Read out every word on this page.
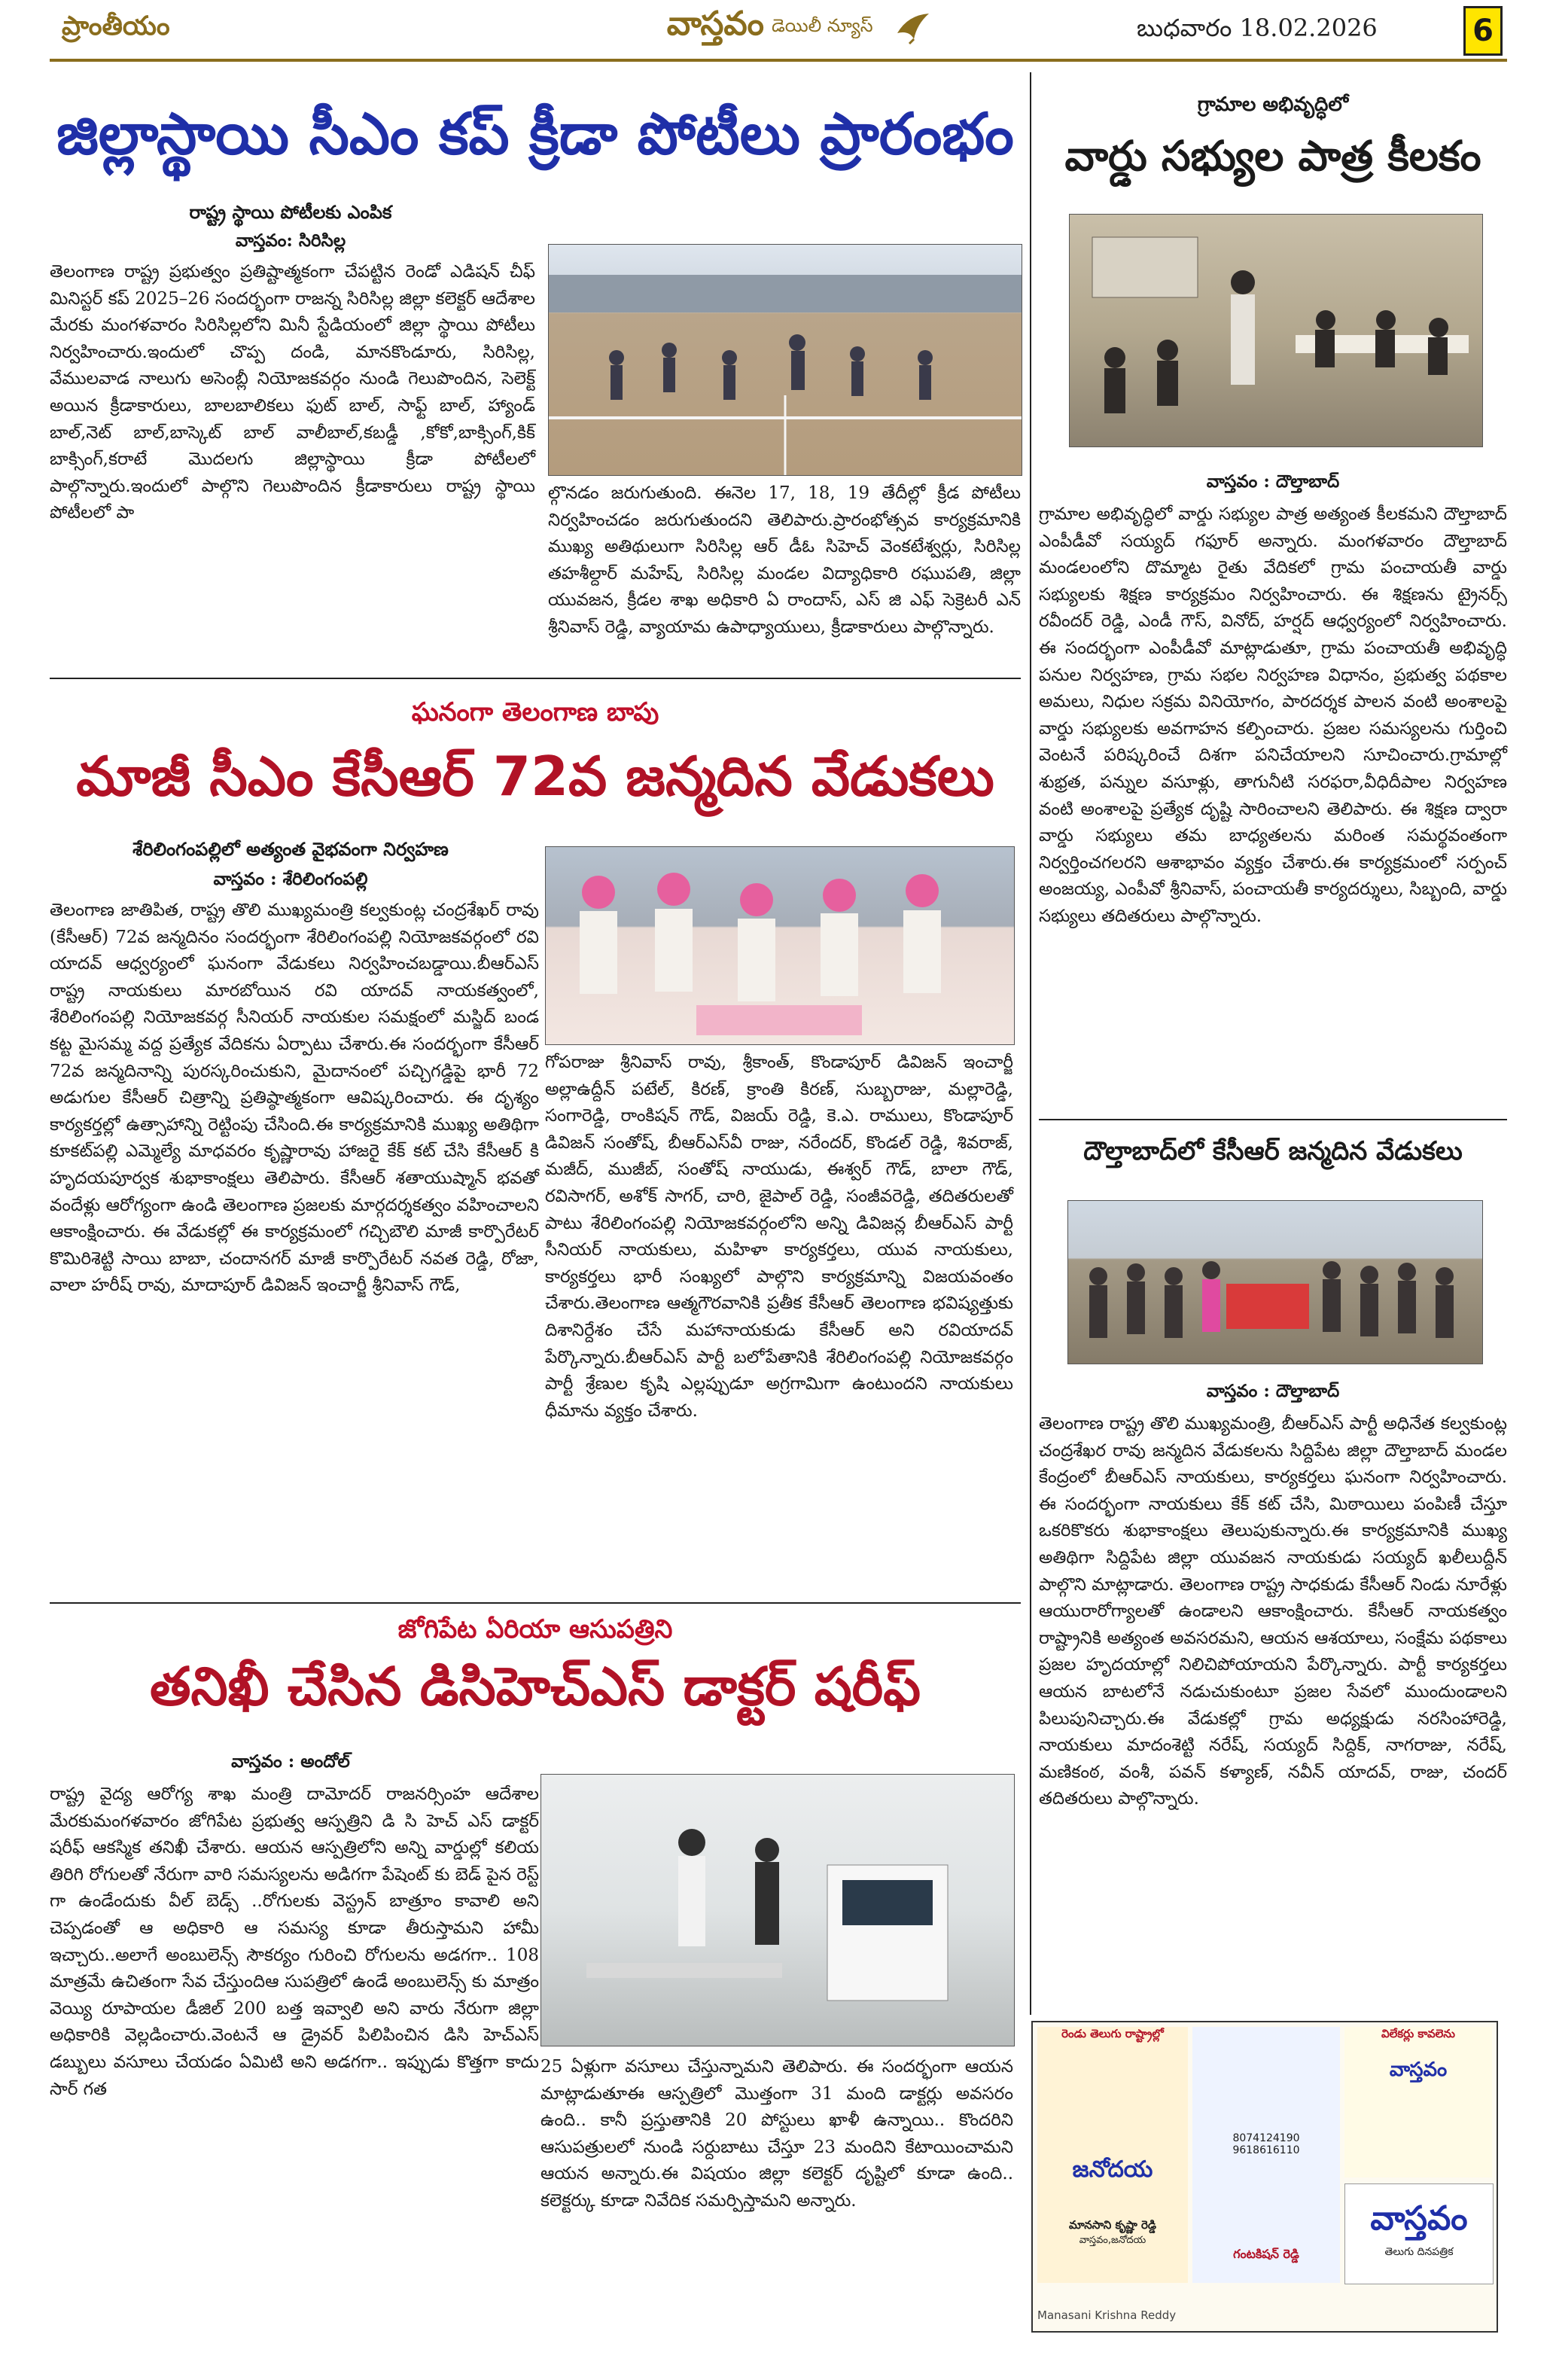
ప్రాంతీయం	వాస్తవం డెయిలీ న్యూస్	బుధవారం 18.02.2026	6
జిల్లాస్థాయి సీఎం కప్ క్రీడా పోటీలు ప్రారంభం
రాష్ట్ర స్థాయి పోటీలకు ఎంపిక
వాస్తవం: సిరిసిల్ల

తెలంగాణ రాష్ట్ర ప్రభుత్వం ప్రతిష్టాత్మకంగా చేపట్టిన రెండో ఎడిషన్ చీఫ్ మినిస్టర్ కప్ 2025–26 సందర్భంగా రాజన్న సిరిసిల్ల జిల్లా కలెక్టర్ ఆదేశాల మేరకు మంగళవారం సిరిసిల్లలోని మినీ స్టేడియంలో జిల్లా స్థాయి పోటీలు నిర్వహించారు.ఇందులో చొప్ప దండి, మానకొండూరు, సిరిసిల్ల, వేములవాడ నాలుగు అసెంబ్లీ నియోజకవర్గం నుండి గెలుపొందిన, సెలెక్ట్ అయిన క్రీడాకారులు, బాలబాలికలు ఫుట్ బాల్, సాఫ్ట్ బాల్, హ్యాండ్ బాల్,నెట్ బాల్,బాస్కెట్ బాల్ వాలీబాల్,కబడ్డీ ,కోకో,బాక్సింగ్,కిక్ బాక్సింగ్,కరాటే మొదలగు జిల్లాస్థాయి క్రీడా పోటీలలో పాల్గొన్నారు.ఇందులో పాల్గొని గెలుపొందిన క్రీడాకారులు రాష్ట్ర స్థాయి పోటీలలో పా

ల్గొనడం జరుగుతుంది. ఈనెల 17, 18, 19 తేదీల్లో క్రీడ పోటీలు నిర్వహించడం జరుగుతుందని తెలిపారు.ప్రారంభోత్సవ కార్యక్రమానికి ముఖ్య అతిథులుగా సిరిసిల్ల ఆర్ డీఓ సిహెచ్ వెంకటేశ్వర్లు, సిరిసిల్ల తహశీల్దార్ మహేష్, సిరిసిల్ల మండల విద్యాధికారి రఘుపతి, జిల్లా యువజన, క్రీడల శాఖ అధికారి ఏ రాందాస్, ఎస్ జి ఎఫ్ సెక్రెటరీ ఎన్ శ్రీనివాస్ రెడ్డి, వ్యాయామ ఉపాధ్యాయులు, క్రీడాకారులు పాల్గొన్నారు.

గ్రామాల అభివృద్ధిలో
వార్డు సభ్యుల పాత్ర కీలకం
వాస్తవం : దౌల్తాబాద్

గ్రామాల అభివృద్ధిలో వార్డు సభ్యుల పాత్ర అత్యంత కీలకమని దౌల్తాబాద్ ఎంపీడీవో సయ్యద్ గఫూర్ అన్నారు. మంగళవారం దౌల్తాబాద్ మండలంలోని దొమ్మాట రైతు వేదికలో గ్రామ పంచాయతీ వార్డు సభ్యులకు శిక్షణ కార్యక్రమం నిర్వహించారు. ఈ శిక్షణను ట్రైనర్స్ రవీందర్ రెడ్డి, ఎండీ గౌస్, వినోద్, హర్షద్ ఆధ్వర్యంలో నిర్వహించారు. ఈ సందర్భంగా ఎంపీడీవో మాట్లాడుతూ, గ్రామ పంచాయతీ అభివృద్ధి పనుల నిర్వహణ, గ్రామ సభల నిర్వహణ విధానం, ప్రభుత్వ పథకాల అమలు, నిధుల సక్రమ వినియోగం, పారదర్శక పాలన వంటి అంశాలపై వార్డు సభ్యులకు అవగాహన కల్పించారు. ప్రజల సమస్యలను గుర్తించి వెంటనే పరిష్కరించే దిశగా పనిచేయాలని సూచించారు.గ్రామాల్లో శుభ్రత, పన్నుల వసూళ్లు, తాగునీటి సరఫరా,వీధిదీపాల నిర్వహణ వంటి అంశాలపై ప్రత్యేక దృష్టి సారించాలని తెలిపారు. ఈ శిక్షణ ద్వారా వార్డు సభ్యులు తమ బాధ్యతలను మరింత సమర్థవంతంగా నిర్వర్తించగలరని ఆశాభావం వ్యక్తం చేశారు.ఈ కార్యక్రమంలో సర్పంచ్ అంజయ్య, ఎంపీవో శ్రీనివాస్, పంచాయతీ కార్యదర్శులు, సిబ్బంది, వార్డు సభ్యులు తదితరులు పాల్గొన్నారు.

దౌల్తాబాద్‌లో కేసీఆర్ జన్మదిన వేడుకలు
వాస్తవం : దౌల్తాబాద్

తెలంగాణ రాష్ట్ర తొలి ముఖ్యమంత్రి, బీఆర్ఎస్ పార్టీ అధినేత కల్వకుంట్ల చంద్రశేఖర రావు జన్మదిన వేడుకలను సిద్దిపేట జిల్లా దౌల్తాబాద్ మండల కేంద్రంలో బీఆర్ఎస్ నాయకులు, కార్యకర్తలు ఘనంగా నిర్వహించారు. ఈ సందర్భంగా నాయకులు కేక్ కట్ చేసి, మిఠాయిలు పంపిణీ చేస్తూ ఒకరికొకరు శుభాకాంక్షలు తెలుపుకున్నారు.ఈ కార్యక్రమానికి ముఖ్య అతిథిగా సిద్దిపేట జిల్లా యువజన నాయకుడు సయ్యద్ ఖలీలుద్దీన్ పాల్గొని మాట్లాడారు. తెలంగాణ రాష్ట్ర సాధకుడు కేసీఆర్ నిండు నూరేళ్లు ఆయురారోగ్యాలతో ఉండాలని ఆకాంక్షించారు. కేసీఆర్ నాయకత్వం రాష్ట్రానికి అత్యంత అవసరమని, ఆయన ఆశయాలు, సంక్షేమ పథకాలు ప్రజల హృదయాల్లో నిలిచిపోయాయని పేర్కొన్నారు. పార్టీ కార్యకర్తలు ఆయన బాటలోనే నడుచుకుంటూ ప్రజల సేవలో ముందుండాలని పిలుపునిచ్చారు.ఈ వేడుకల్లో గ్రామ అధ్యక్షుడు నరసింహారెడ్డి, నాయకులు మాదంశెట్టి నరేష్, సయ్యద్ సిద్దిక్, నాగరాజు, నరేష్, మణికంఠ, వంశీ, పవన్ కళ్యాణ్, నవీన్ యాదవ్, రాజు, చందర్ తదితరులు పాల్గొన్నారు.

రెండు తెలుగు రాష్ట్రాల్లో
జనోదయ
మానసాని కృష్ణా రెడ్డి
వాస్తవం,జనోదయ
8074124190
9618616110
గంటకిషన్ రెడ్డి
విలేకర్లు కావలెను
వాస్తవం
వాస్తవం
తెలుగు దినపత్రిక
Manasani Krishna Reddy
ఘనంగా తెలంగాణ బాపు
మాజీ సీఎం కేసీఆర్ 72వ జన్మదిన వేడుకలు
శేరిలింగంపల్లిలో అత్యంత వైభవంగా నిర్వహణ
వాస్తవం : శేరిలింగంపల్లి

తెలంగాణ జాతిపిత, రాష్ట్ర తొలి ముఖ్యమంత్రి కల్వకుంట్ల చంద్రశేఖర్ రావు (కేసీఆర్) 72వ జన్మదినం సందర్భంగా శేరిలింగంపల్లి నియోజకవర్గంలో రవి యాదవ్ ఆధ్వర్యంలో ఘనంగా వేడుకలు నిర్వహించబడ్డాయి.బీఆర్ఎస్ రాష్ట్ర నాయకులు మారబోయిన రవి యాదవ్ నాయకత్వంలో, శేరిలింగంపల్లి నియోజకవర్గ సీనియర్ నాయకుల సమక్షంలో మస్జిద్ బండ కట్ట మైసమ్మ వద్ద ప్రత్యేక వేదికను ఏర్పాటు చేశారు.ఈ సందర్భంగా కేసీఆర్ 72వ జన్మదినాన్ని పురస్కరించుకుని, మైదానంలో పచ్చిగడ్డిపై భారీ 72 అడుగుల కేసీఆర్ చిత్రాన్ని ప్రతిష్ఠాత్మకంగా ఆవిష్కరించారు. ఈ దృశ్యం కార్యకర్తల్లో ఉత్సాహాన్ని రెట్టింపు చేసింది.ఈ కార్యక్రమానికి ముఖ్య అతిథిగా కూకట్‌పల్లి ఎమ్మెల్యే మాధవరం కృష్ణారావు హాజరై కేక్ కట్ చేసి కేసీఆర్ కి హృదయపూర్వక శుభాకాంక్షలు తెలిపారు. కేసీఆర్ శతాయుష్మాన్ భవతో వందేళ్లు ఆరోగ్యంగా ఉండి తెలంగాణ ప్రజలకు మార్గదర్శకత్వం వహించాలని ఆకాంక్షించారు. ఈ వేడుకల్లో ఈ కార్యక్రమంలో గచ్చిబౌలి మాజీ కార్పొరేటర్ కొమిరిశెట్టి సాయి బాబా, చందానగర్ మాజీ కార్పొరేటర్ నవత రెడ్డి, రోజా, వాలా హరీష్ రావు, మాదాపూర్ డివిజన్ ఇంచార్జీ శ్రీనివాస్ గౌడ్,

గోపరాజు శ్రీనివాస్ రావు, శ్రీకాంత్, కొండాపూర్ డివిజన్ ఇంచార్జీ అల్లాఉద్దీన్ పటేల్, కిరణ్, క్రాంతి కిరణ్, సుబ్బరాజు, మల్లారెడ్డి, సంగారెడ్డి, రాంకిషన్ గౌడ్, విజయ్ రెడ్డి, కె.ఎ. రాములు, కొండాపూర్ డివిజన్ సంతోష్, బీఆర్ఎస్‌వీ రాజు, నరేందర్, కొండల్ రెడ్డి, శివరాజ్, మజీద్, ముజీబ్, సంతోష్ నాయుడు, ఈశ్వర్ గౌడ్, బాలా గౌడ్, రవిసాగర్, అశోక్ సాగర్, చారి, జైపాల్ రెడ్డి, సంజీవరెడ్డి, తదితరులతో పాటు శేరిలింగంపల్లి నియోజకవర్గంలోని అన్ని డివిజన్ల బీఆర్ఎస్ పార్టీ సీనియర్ నాయకులు, మహిళా కార్యకర్తలు, యువ నాయకులు, కార్యకర్తలు భారీ సంఖ్యలో పాల్గొని కార్యక్రమాన్ని విజయవంతం చేశారు.తెలంగాణ ఆత్మగౌరవానికి ప్రతీక కేసీఆర్ తెలంగాణ భవిష్యత్తుకు దిశానిర్దేశం చేసే మహానాయకుడు కేసీఆర్ అని రవియాదవ్ పేర్కొన్నారు.బీఆర్ఎస్ పార్టీ బలోపేతానికి శేరిలింగంపల్లి నియోజకవర్గం పార్టీ శ్రేణుల కృషి ఎల్లప్పుడూ అగ్రగామిగా ఉంటుందని నాయకులు ధీమాను వ్యక్తం చేశారు.

జోగిపేట ఏరియా ఆసుపత్రిని
తనిఖీ చేసిన డిసిహెచ్ఎస్ డాక్టర్ షరీఫ్
వాస్తవం : అందోల్

రాష్ట్ర వైద్య ఆరోగ్య శాఖ మంత్రి దామోదర్ రాజనర్సింహ ఆదేశాల మేరకుమంగళవారం జోగిపేట ప్రభుత్వ ఆస్పత్రిని డి సి హెచ్ ఎస్ డాక్టర్ షరీఫ్ ఆకస్మిక తనిఖీ చేశారు. ఆయన ఆస్పత్రిలోని అన్ని వార్డుల్లో కలియ తిరిగి రోగులతో నేరుగా వారి సమస్యలను అడిగగా పేషెంట్ కు బెడ్ పైన రెస్ట్ గా ఉండేందుకు వీల్ బెడ్స్ ..రోగులకు వెస్ట్రన్ బాత్రూం కావాలి అని చెప్పడంతో ఆ అధికారి ఆ సమస్య కూడా తీరుస్తామని హామీ ఇచ్చారు..అలాగే అంబులెన్స్ సౌకర్యం గురించి రోగులను అడగగా.. 108 మాత్రమే ఉచితంగా సేవ చేస్తుందిఆ సుపత్రిలో ఉండే అంబులెన్స్ కు మాత్రం వెయ్యి రూపాయల డీజిల్ 200 బత్త ఇవ్వాలి అని వారు నేరుగా జిల్లా అధికారికి వెల్లడించారు.వెంటనే ఆ డ్రైవర్ పిలిపించిన డిసి హెచ్ఎస్ డబ్బులు వసూలు చేయడం ఏమిటి అని అడగగా.. ఇప్పుడు కొత్తగా కాదు సార్ గత

25 ఏళ్లుగా వసూలు చేస్తున్నామని తెలిపారు. ఈ సందర్భంగా ఆయన మాట్లాడుతూఈ ఆస్పత్రిలో మొత్తంగా 31 మంది డాక్టర్లు అవసరం ఉంది.. కానీ ప్రస్తుతానికి 20 పోస్టులు ఖాళీ ఉన్నాయి.. కొందరిని ఆసుపత్రులలో నుండి సర్దుబాటు చేస్తూ 23 మందిని కేటాయించామని ఆయన అన్నారు.ఈ విషయం జిల్లా కలెక్టర్ దృష్టిలో కూడా ఉంది.. కలెక్టర్కు కూడా నివేదిక సమర్పిస్తామని అన్నారు.
